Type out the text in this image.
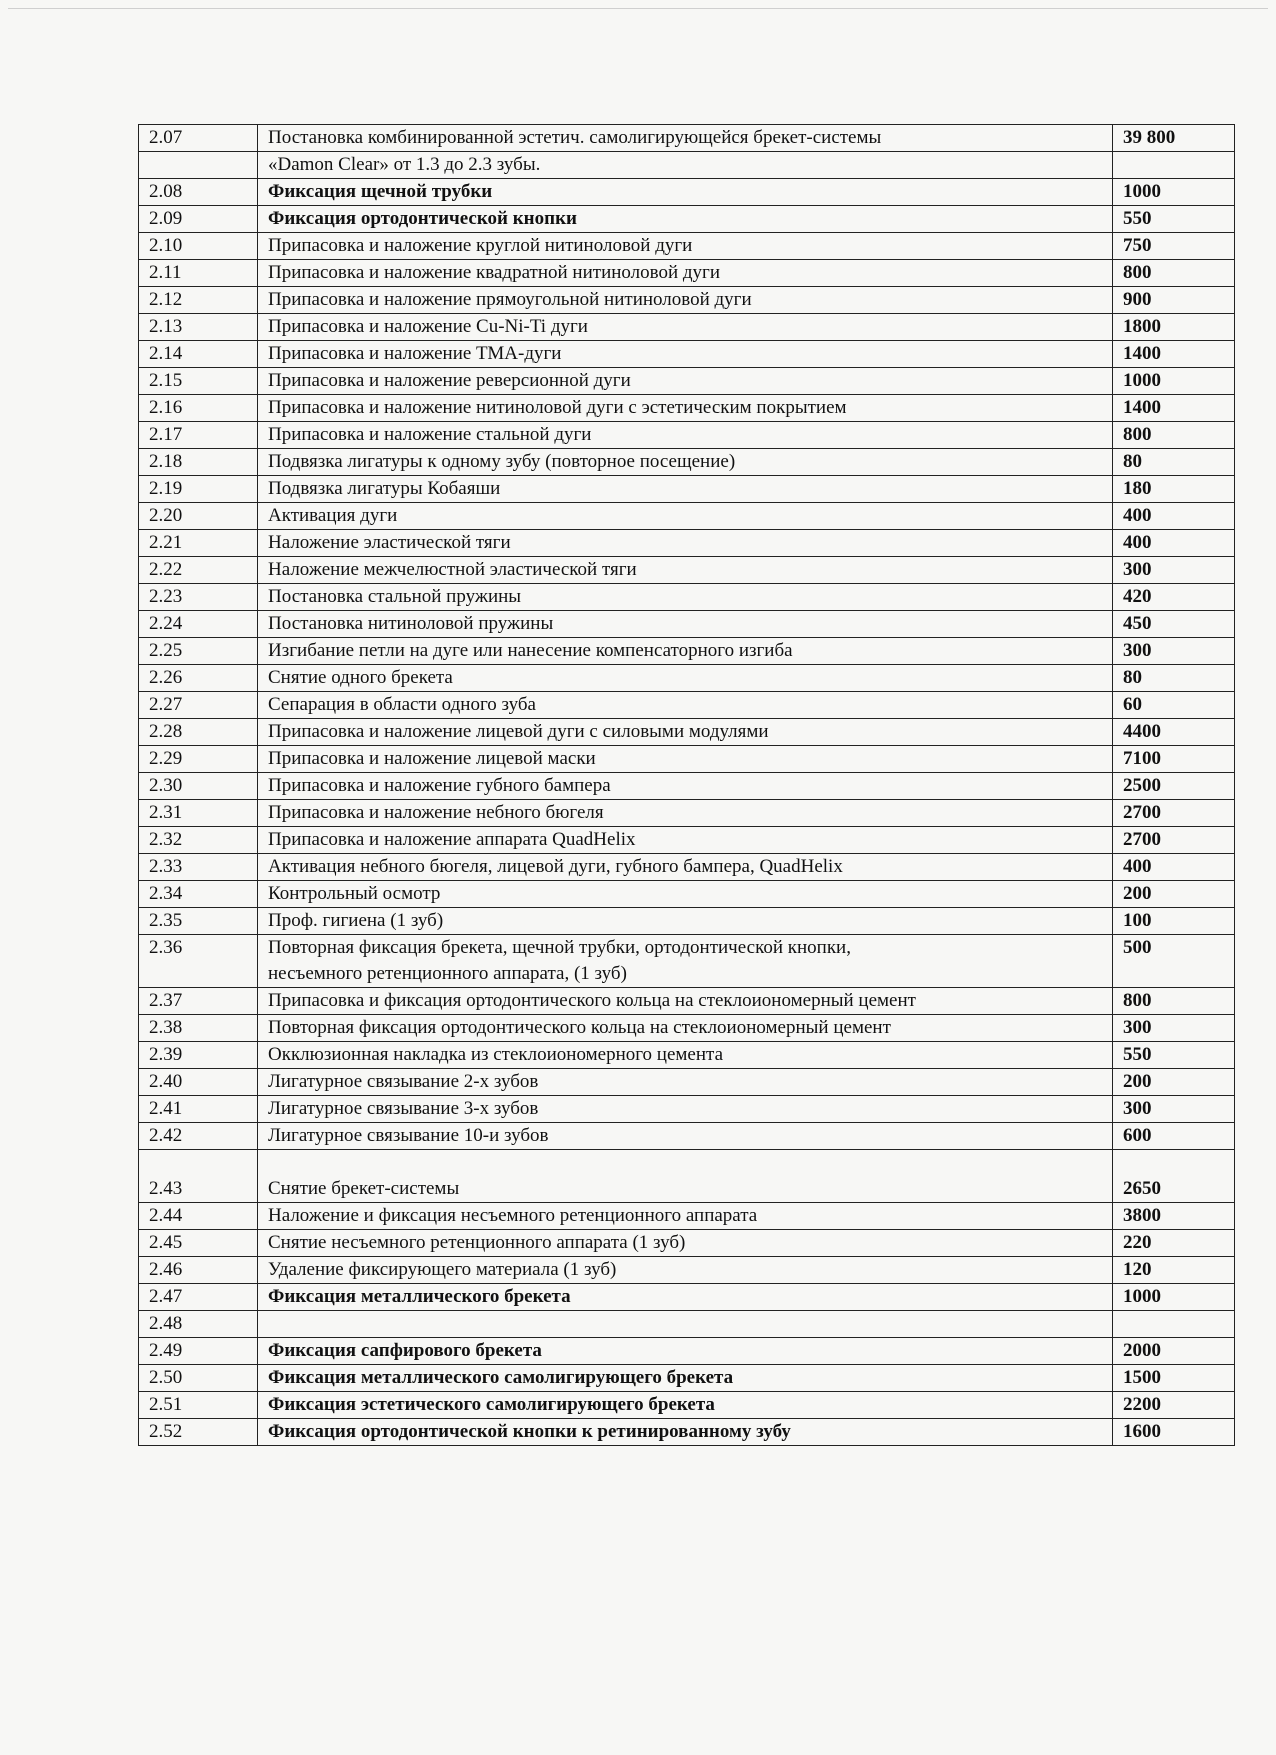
2.07	Постановка комбинированной эстетич. самолигирующейся брекет-системы	39 800
	«Damon Clear» от 1.3 до 2.3 зубы.	
2.08	Фиксация щечной трубки	1000
2.09	Фиксация ортодонтической кнопки	550
2.10	Припасовка и наложение круглой нитиноловой дуги	750
2.11	Припасовка и наложение квадратной нитиноловой дуги	800
2.12	Припасовка и наложение прямоугольной нитиноловой дуги	900
2.13	Припасовка и наложение Cu-Ni-Ti дуги	1800
2.14	Припасовка и наложение ТМА-дуги	1400
2.15	Припасовка и наложение реверсионной дуги	1000
2.16	Припасовка и наложение нитиноловой дуги с эстетическим покрытием	1400
2.17	Припасовка и наложение стальной дуги	800
2.18	Подвязка лигатуры к одному зубу (повторное посещение)	80
2.19	Подвязка лигатуры Кобаяши	180
2.20	Активация дуги	400
2.21	Наложение эластической тяги	400
2.22	Наложение межчелюстной эластической тяги	300
2.23	Постановка стальной пружины	420
2.24	Постановка нитиноловой пружины	450
2.25	Изгибание петли на дуге или нанесение компенсаторного изгиба	300
2.26	Снятие одного брекета	80
2.27	Сепарация в области одного зуба	60
2.28	Припасовка и наложение лицевой дуги с силовыми модулями	4400
2.29	Припасовка и наложение лицевой маски	7100
2.30	Припасовка и наложение губного бампера	2500
2.31	Припасовка и наложение небного бюгеля	2700
2.32	Припасовка и наложение аппарата QuadHelix	2700
2.33	Активация небного бюгеля, лицевой дуги, губного бампера, QuadHelix	400
2.34	Контрольный осмотр	200
2.35	Проф. гигиена (1 зуб)	100
2.36	Повторная фиксация брекета, щечной трубки, ортодонтической кнопки,
несъемного ретенционного аппарата, (1 зуб)	500
2.37	Припасовка и фиксация ортодонтического кольца на стеклоиономерный цемент	800
2.38	Повторная фиксация ортодонтического кольца на стеклоиономерный цемент	300
2.39	Окклюзионная накладка из стеклоиономерного цемента	550
2.40	Лигатурное связывание 2-х зубов	200
2.41	Лигатурное связывание 3-х зубов	300
2.42	Лигатурное связывание 10-и зубов	600
2.43	Снятие брекет-системы	2650
2.44	Наложение и фиксация несъемного ретенционного аппарата	3800
2.45	Снятие несъемного ретенционного аппарата (1 зуб)	220
2.46	Удаление фиксирующего материала (1 зуб)	120
2.47	Фиксация металлического брекета	1000
2.48		
2.49	Фиксация сапфирового брекета	2000
2.50	Фиксация металлического самолигирующего брекета	1500
2.51	Фиксация эстетического самолигирующего брекета	2200
2.52	Фиксация ортодонтической кнопки к ретинированному зубу	1600
